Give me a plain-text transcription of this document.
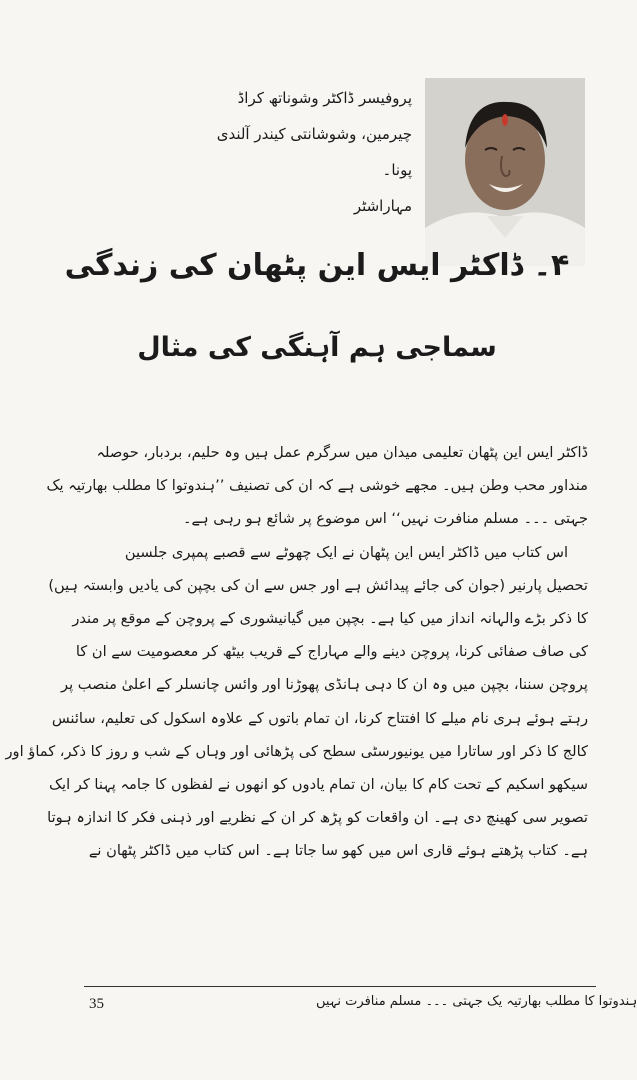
پروفیسر ڈاکٹر وشوناتھ کراڈ
چیرمین، وشوشانتی کیندر آلندی
پونا۔
مہاراشٹر
۴۔ ڈاکٹر ایس این پٹھان کی زندگی
سماجی ہم آہنگی کی مثال
ڈاکٹر ایس این پٹھان تعلیمی میدان میں سرگرم عمل ہیں وہ حلیم، بردبار، حوصلہ
منداور محب وطن ہیں۔ مجھے خوشی ہے کہ ان کی تصنیف ’’ہندوتوا کا مطلب بھارتیہ یک
جہتی ۔۔۔ مسلم منافرت نہیں‘‘ اس موضوع پر شائع ہو رہی ہے۔
اس کتاب میں ڈاکٹر ایس این پٹھان نے ایک چھوٹے سے قصبے پمپری جلسین
تحصیل پارنیر (جوان کی جائے پیدائش ہے اور جس سے ان کی بچپن کی یادیں وابستہ ہیں)
کا ذکر بڑے والہانہ انداز میں کیا ہے۔ بچپن میں گیانیشوری کے پروچن کے موقع پر مندر
کی صاف صفائی کرنا، پروچن دینے والے مہاراج کے قریب بیٹھ کر معصومیت سے ان کا
پروچن سننا، بچپن میں وہ ان کا دہی ہانڈی پھوڑنا اور وائس چانسلر کے اعلیٰ منصب پر
رہتے ہوئے ہری نام میلے کا افتتاح کرنا، ان تمام باتوں کے علاوہ اسکول کی تعلیم، سائنس
کالج کا ذکر اور ساتارا میں یونیورسٹی سطح کی پڑھائی اور وہاں کے شب و روز کا ذکر، کماؤ اور
سیکھو اسکیم کے تحت کام کا بیان، ان تمام یادوں کو انھوں نے لفظوں کا جامہ پہنا کر ایک
تصویر سی کھینچ دی ہے۔ ان واقعات کو پڑھ کر ان کے نظریے اور ذہنی فکر کا اندازہ ہوتا
ہے۔ کتاب پڑھتے ہوئے قاری اس میں کھو سا جاتا ہے۔ اس کتاب میں ڈاکٹر پٹھان نے
ہندوتوا کا مطلب بھارتیہ یک جہتی ۔۔۔ مسلم منافرت نہیں
35
